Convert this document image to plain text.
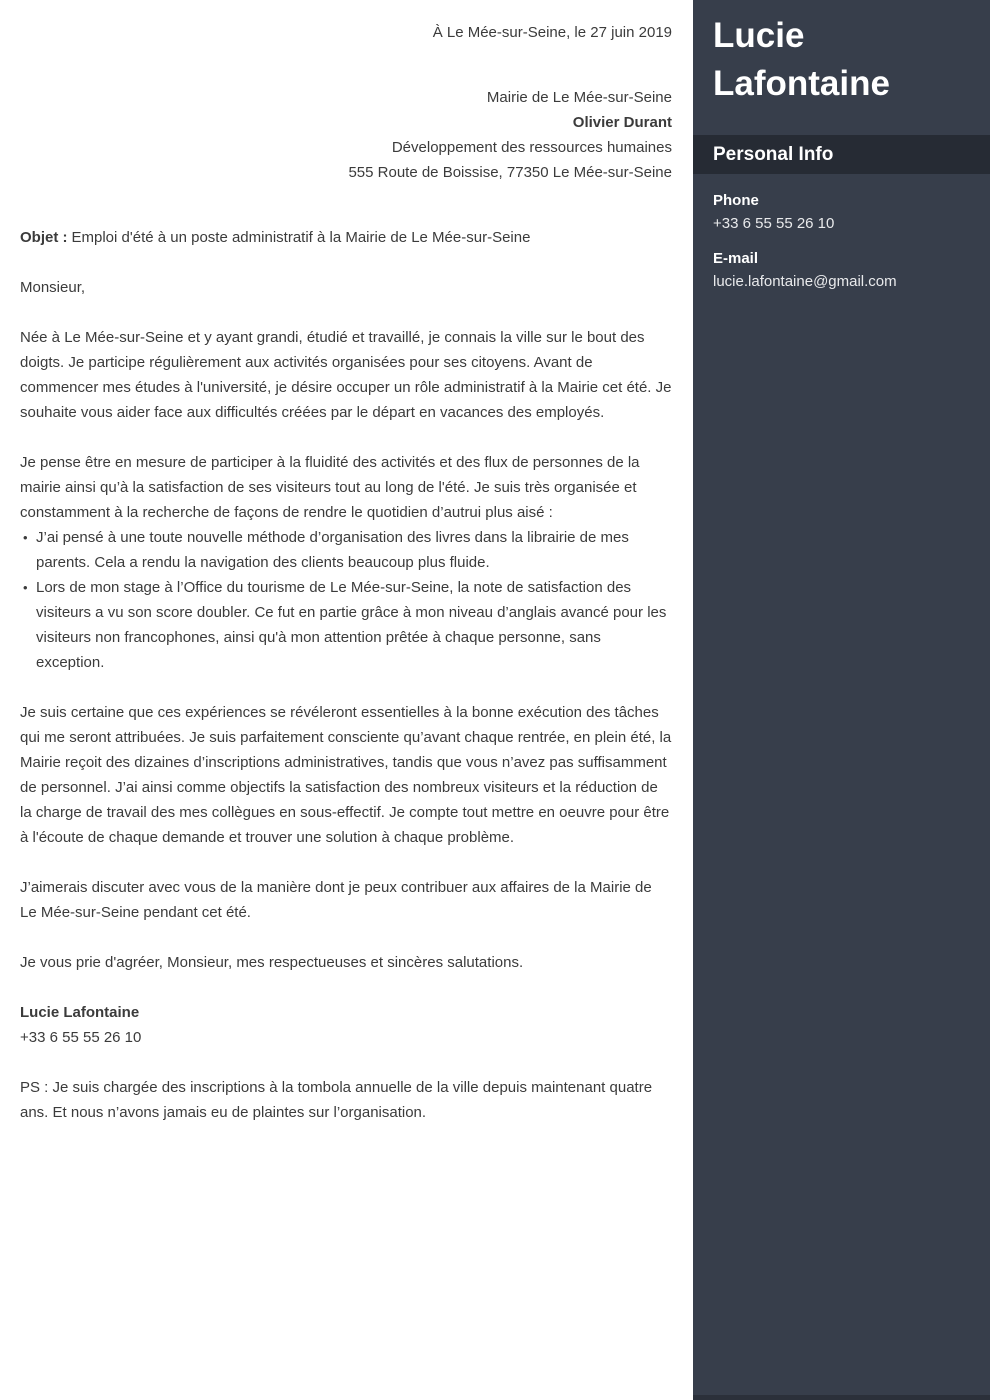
À Le Mée-sur-Seine, le 27 juin 2019
Mairie de Le Mée-sur-Seine
Olivier Durant
Développement des ressources humaines
555 Route de Boissise, 77350 Le Mée-sur-Seine

Objet : Emploi d'été à un poste administratif à la Mairie de Le Mée-sur-Seine

Monsieur,

Née à Le Mée-sur-Seine et y ayant grandi, étudié et travaillé, je connais la ville sur le bout des doigts. Je participe régulièrement aux activités organisées pour ses citoyens. Avant de commencer mes études à l'université, je désire occuper un rôle administratif à la Mairie cet été. Je souhaite vous aider face aux difficultés créées par le départ en vacances des employés.

Je pense être en mesure de participer à la fluidité des activités et des flux de personnes de la mairie ainsi qu’à la satisfaction de ses visiteurs tout au long de l'été. Je suis très organisée et constamment à la recherche de façons de rendre le quotidien d’autrui plus aisé :

• J’ai pensé à une toute nouvelle méthode d’organisation des livres dans la librairie de mes parents. Cela a rendu la navigation des clients beaucoup plus fluide.
• Lors de mon stage à l’Office du tourisme de Le Mée-sur-Seine, la note de satisfaction des visiteurs a vu son score doubler. Ce fut en partie grâce à mon niveau d’anglais avancé pour les visiteurs non francophones, ainsi qu'à mon attention prêtée à chaque personne, sans exception.

Je suis certaine que ces expériences se révéleront essentielles à la bonne exécution des tâches qui me seront attribuées. Je suis parfaitement consciente qu’avant chaque rentrée, en plein été, la Mairie reçoit des dizaines d’inscriptions administratives, tandis que vous n’avez pas suffisamment de personnel. J’ai ainsi comme objectifs la satisfaction des nombreux visiteurs et la réduction de la charge de travail des mes collègues en sous-effectif. Je compte tout mettre en oeuvre pour être à l'écoute de chaque demande et trouver une solution à chaque problème.

J’aimerais discuter avec vous de la manière dont je peux contribuer aux affaires de la Mairie de Le Mée-sur-Seine pendant cet été.

Je vous prie d'agréer, Monsieur, mes respectueuses et sincères salutations.

Lucie Lafontaine
+33 6 55 55 26 10

PS : Je suis chargée des inscriptions à la tombola annuelle de la ville depuis maintenant quatre ans. Et nous n’avons jamais eu de plaintes sur l’organisation.

Lucie Lafontaine
Personal Info
Phone
+33 6 55 55 26 10
E-mail
lucie.lafontaine@gmail.com
